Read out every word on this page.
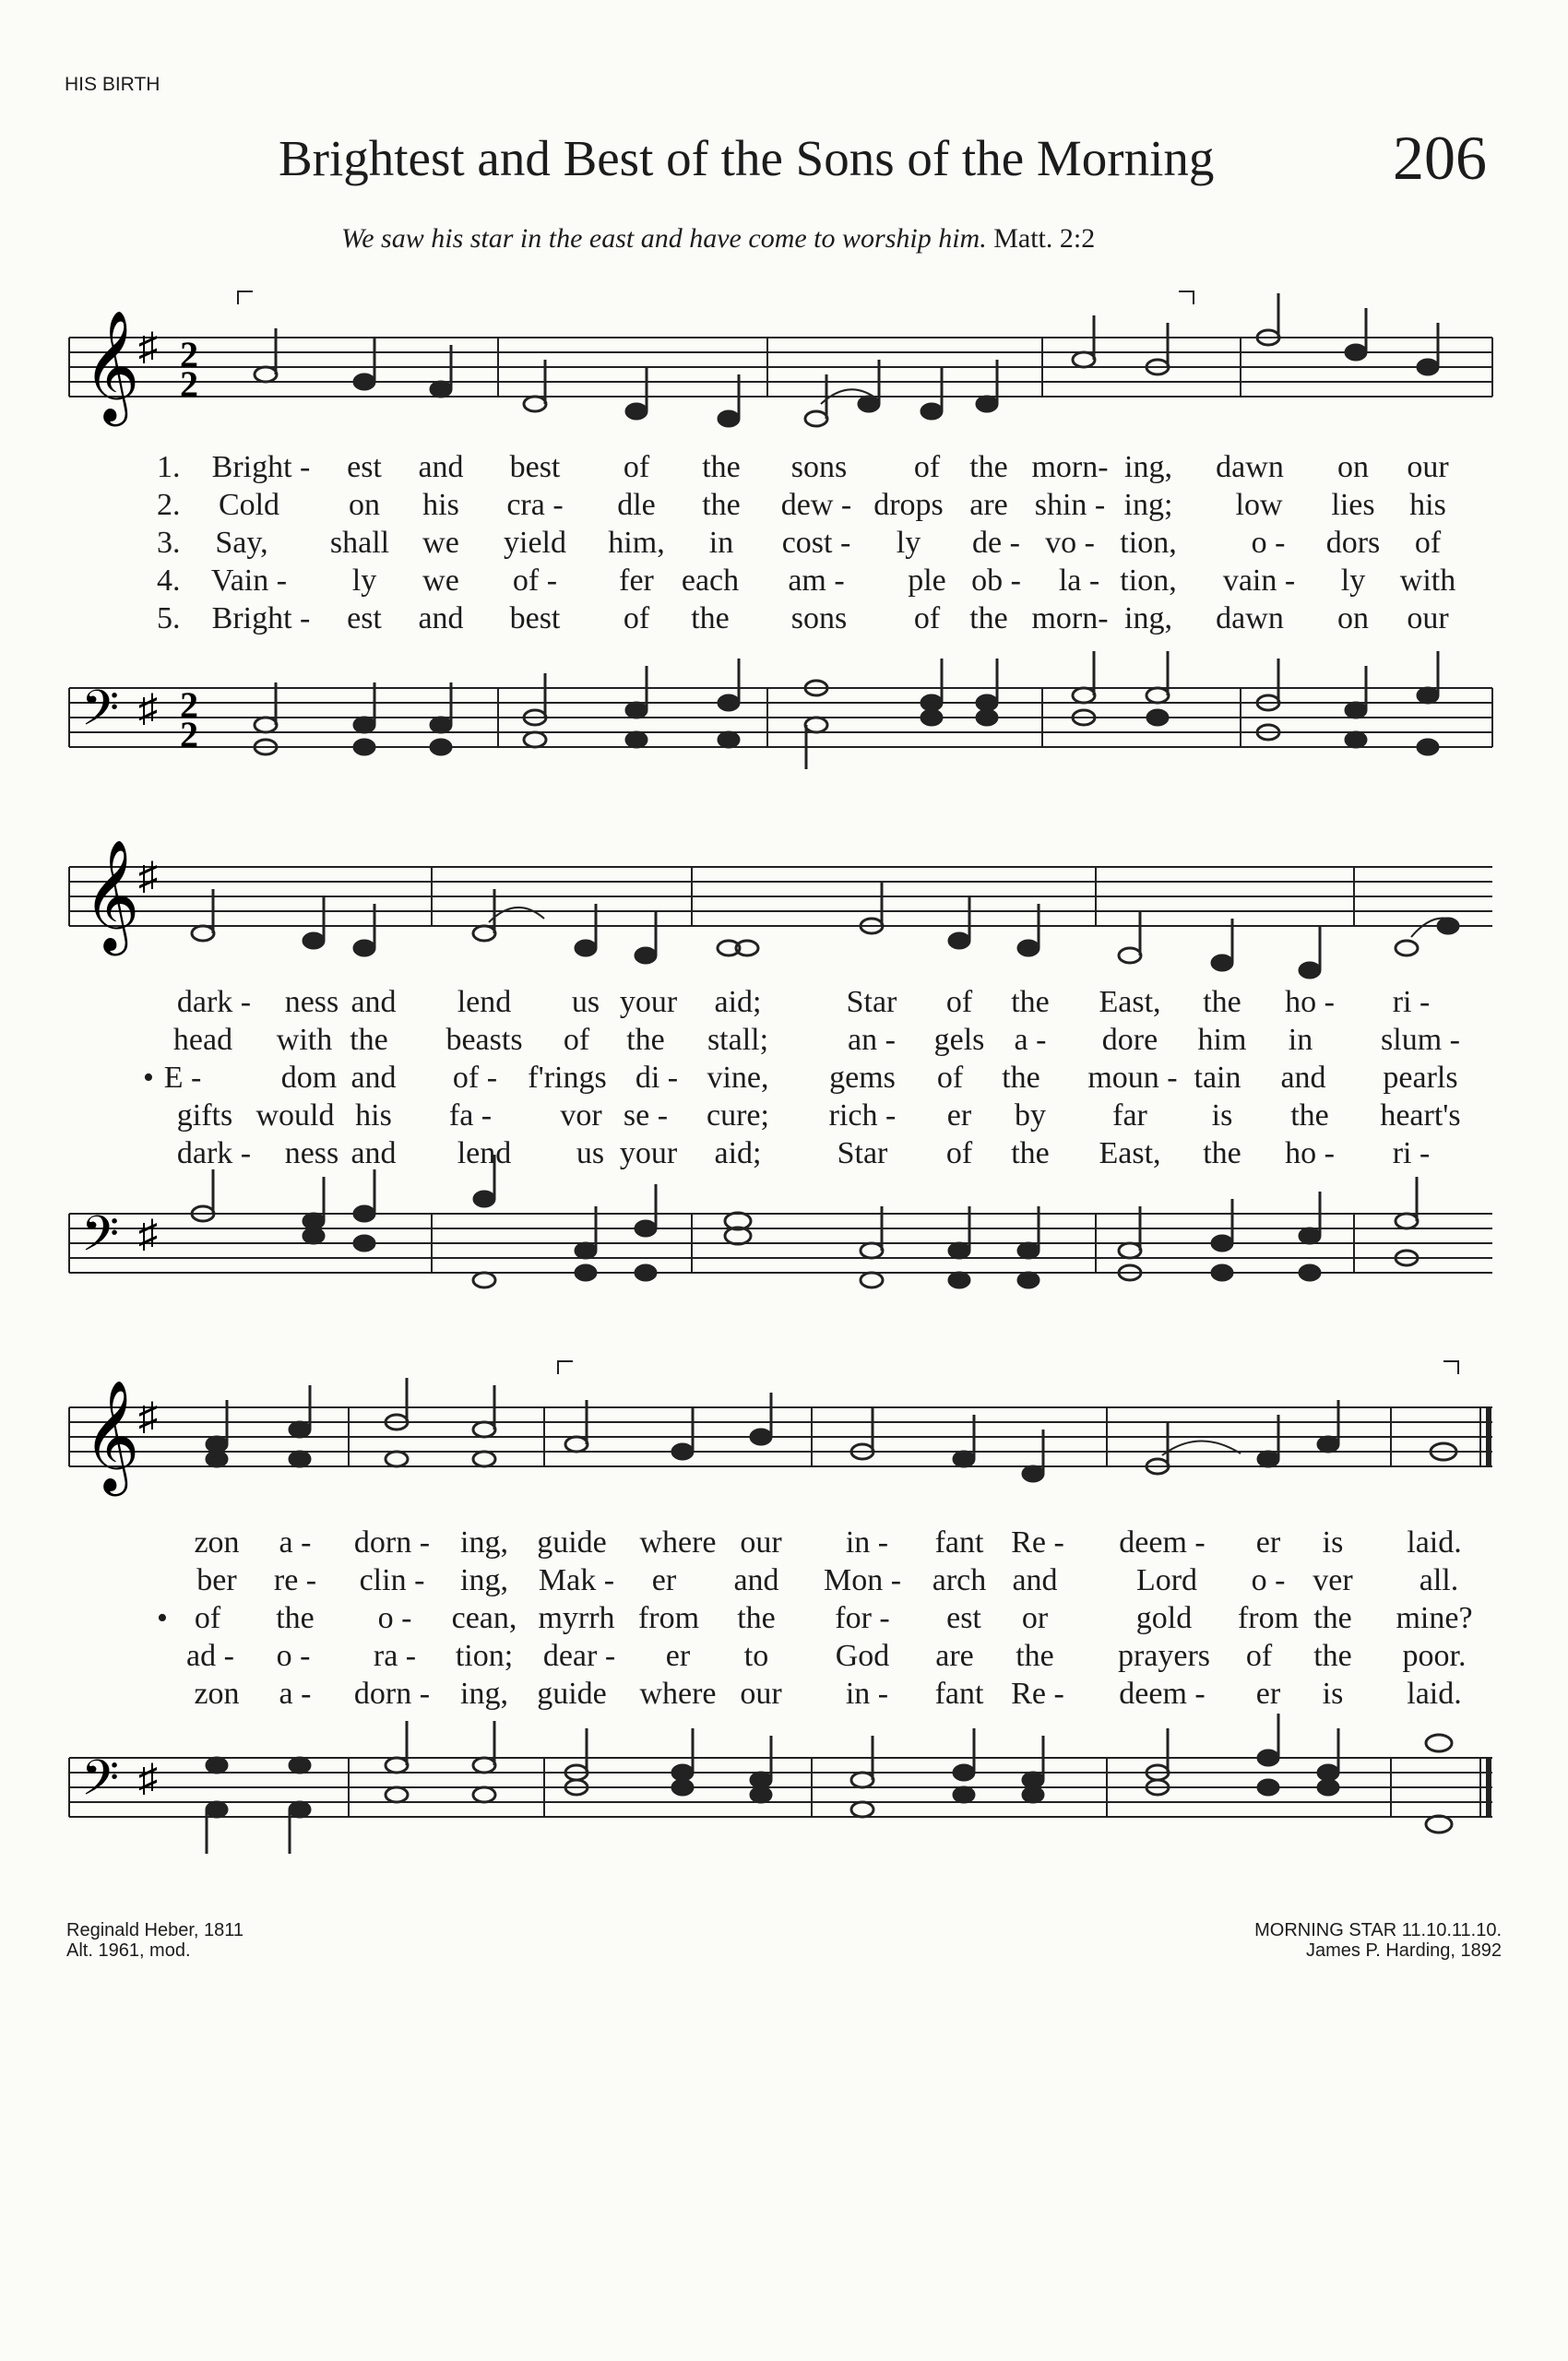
HIS BIRTH
Brightest and Best of the Sons of the Morning	206
We saw his star in the east and have come to worship him. Matt. 2:2
𝄞
♯ 2
2
𝄢 ♯ 2
2
1. Bright - est and best of the sons of the morn- ing, dawn on our
2. Cold on his cra - dle the dew - drops are shin - ing; low lies his
3. Say, shall we yield him, in cost - ly de - vo - tion, o - dors of
4. Vain - ly we of - fer each am - ple ob - la - tion, vain - ly with
5. Bright - est and best of the sons of the morn- ing, dawn on our
𝄞
♯
𝄢 ♯
dark - ness and lend us your aid;	Star of the East, the ho - ri -
head with the beasts of the stall;	an - gels a - dore him in slum -
• E -	dom and of - f'rings di - vine, gems of the moun - tain and pearls
gifts would his fa - vor se - cure; rich - er by far is the heart's
dark - ness and lend us your aid; Star of the East, the ho - ri -
𝄞
♯
𝄢 ♯
zon a - dorn - ing, guide where our in - fant Re - deem - er is laid.
ber re - clin - ing, Mak - er and Mon - arch and	Lord o - ver all.
• of the o - cean, myrrh from the for - est or	gold from the mine?
ad - o - ra - tion; dear - er to God are the prayers of the poor.
zon a - dorn - ing, guide where our in - fant Re - deem - er is laid.
Reginald Heber, 1811
Alt. 1961, mod.
MORNING STAR 11.10.11.10.
James P. Harding, 1892
